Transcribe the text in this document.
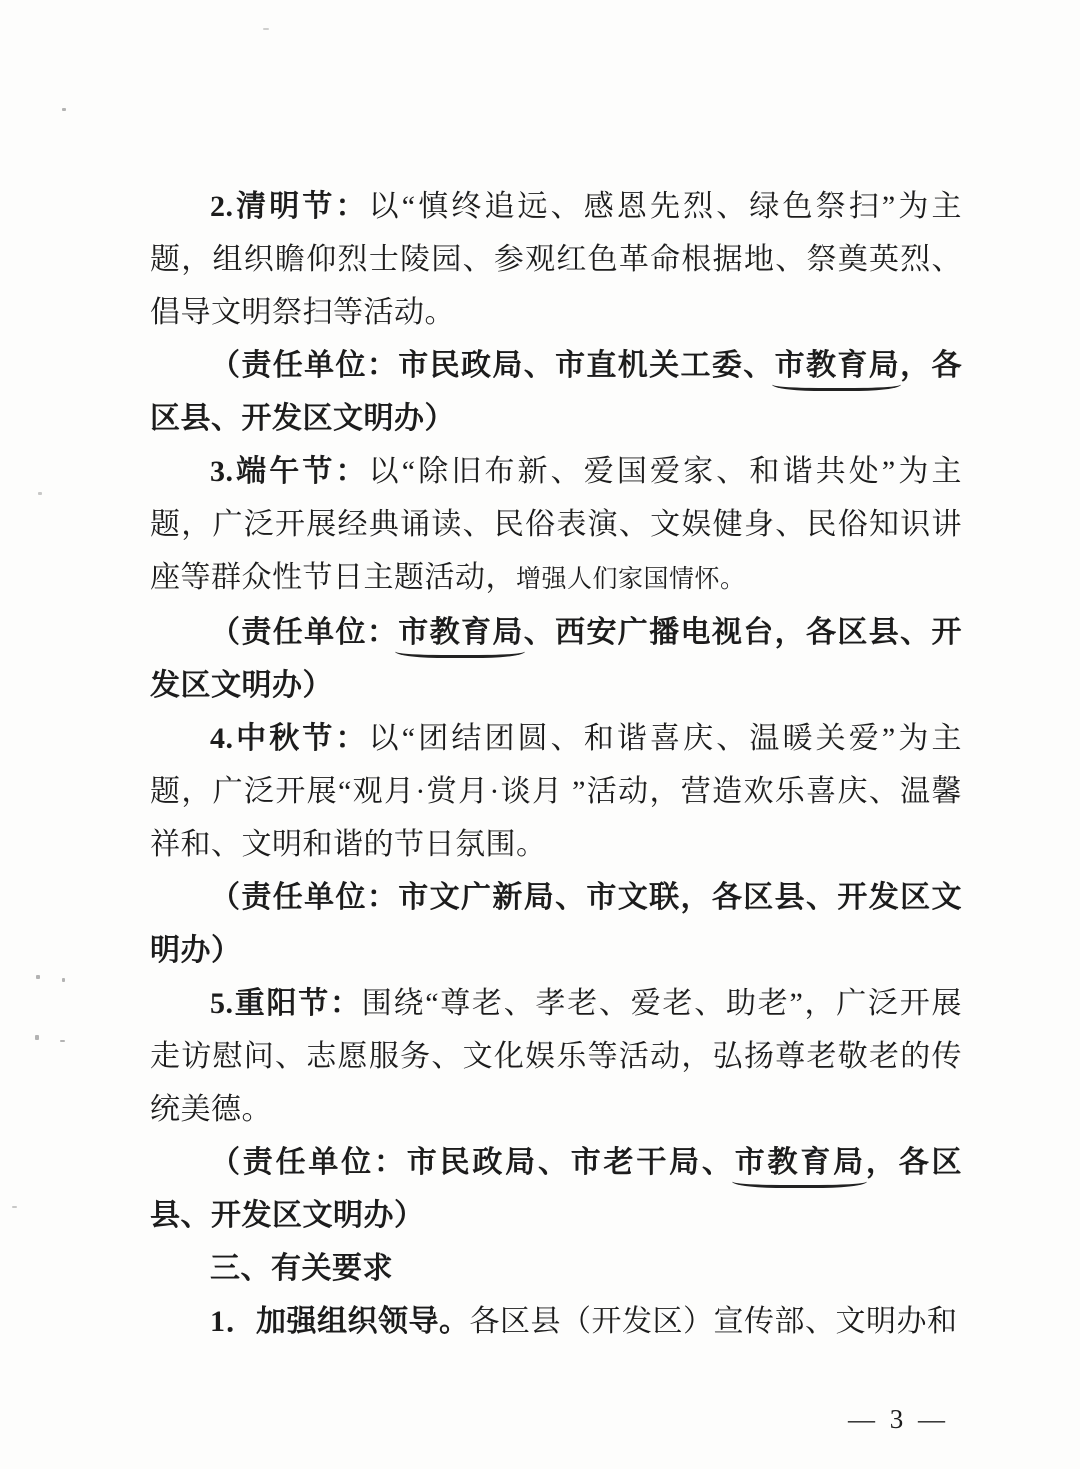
2.清明节：以“慎终追远、感恩先烈、绿色祭扫”为主题，组织瞻仰烈士陵园、参观红色革命根据地、祭奠英烈、倡导文明祭扫等活动。

（责任单位：市民政局、市直机关工委、市教育局，各区县、开发区文明办）

3.端午节：以“除旧布新、爱国爱家、和谐共处”为主题，广泛开展经典诵读、民俗表演、文娱健身、民俗知识讲座等群众性节日主题活动，增强人们家国情怀。

（责任单位：市教育局、西安广播电视台，各区县、开发区文明办）

4.中秋节：以“团结团圆、和谐喜庆、温暖关爱”为主题，广泛开展“观月·赏月·谈月 ”活动，营造欢乐喜庆、温馨祥和、文明和谐的节日氛围。

（责任单位：市文广新局、市文联，各区县、开发区文明办）

5.重阳节：围绕“尊老、孝老、爱老、助老”，广泛开展走访慰问、志愿服务、文化娱乐等活动，弘扬尊老敬老的传统美德。

（责任单位：市民政局、市老干局、市教育局，各区县、开发区文明办）

三、有关要求

1．加强组织领导。各区县（开发区）宣传部、文明办和

— 3 —
